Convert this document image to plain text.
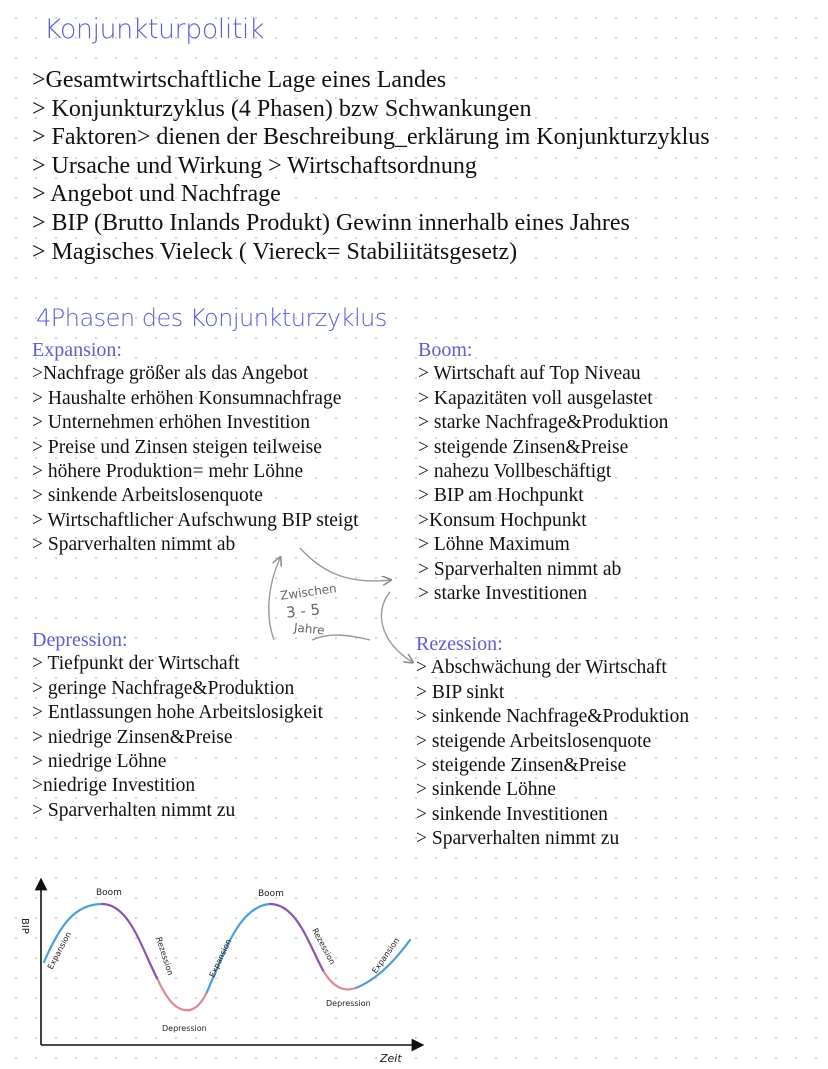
Konjunkturpolitik
>Gesamtwirtschaftliche Lage eines Landes
> Konjunkturzyklus (4 Phasen) bzw Schwankungen
> Faktoren> dienen der Beschreibung_erklärung im Konjunkturzyklus
> Ursache und Wirkung > Wirtschaftsordnung
> Angebot und Nachfrage
> BIP (Brutto Inlands Produkt) Gewinn innerhalb eines Jahres
> Magisches Vieleck ( Viereck= Stabiliitätsgesetz)
4Phasen des Konjunkturzyklus
Expansion:
>Nachfrage größer als das Angebot
> Haushalte erhöhen Konsumnachfrage
> Unternehmen erhöhen Investition
> Preise und Zinsen steigen teilweise
> höhere Produktion= mehr Löhne
> sinkende Arbeitslosenquote
> Wirtschaftlicher Aufschwung BIP steigt
> Sparverhalten nimmt ab
Boom:
> Wirtschaft auf Top Niveau
> Kapazitäten voll ausgelastet
> starke Nachfrage&Produktion
> steigende Zinsen&Preise
> nahezu Vollbeschäftigt
> BIP am Hochpunkt
>Konsum Hochpunkt
> Löhne Maximum
> Sparverhalten nimmt ab
> starke Investitionen
Zwischen
3 - 5
Jahre
Depression:
> Tiefpunkt der Wirtschaft
> geringe Nachfrage&Produktion
> Entlassungen hohe Arbeitslosigkeit
> niedrige Zinsen&Preise
> niedrige Löhne
>niedrige Investition
> Sparverhalten nimmt zu
Rezession:
> Abschwächung der Wirtschaft
> BIP sinkt
> sinkende Nachfrage&Produktion
> steigende Arbeitslosenquote
> steigende Zinsen&Preise
> sinkende Löhne
> sinkende Investitionen
> Sparverhalten nimmt zu
BIP
Zeit
Boom	Boom
Expansion	Expansion	Expansion
Rezession	Rezession
Depression
Depression
